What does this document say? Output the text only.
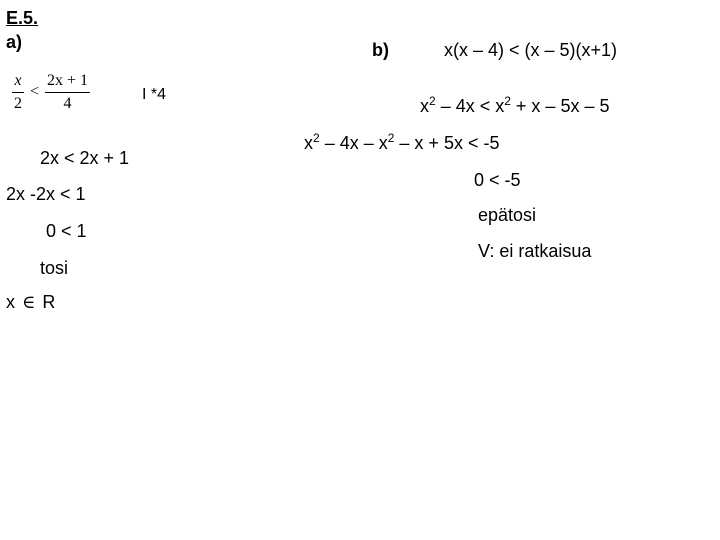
E.5.
a)	b)
$\frac{x}{2} < \frac{2x + 1}{4}$	I *4
2x < 2x + 1
2x -2x < 1
0 < 1
tosi
x ∈ R
x(x – 4) < (x – 5)(x+1)
$x^2 - 4x < x^2 + x - 5x - 5$
$x^2 - 4x - x^2 - x + 5x < -5$
0 < -5
epätosi
V: ei ratkaisua
